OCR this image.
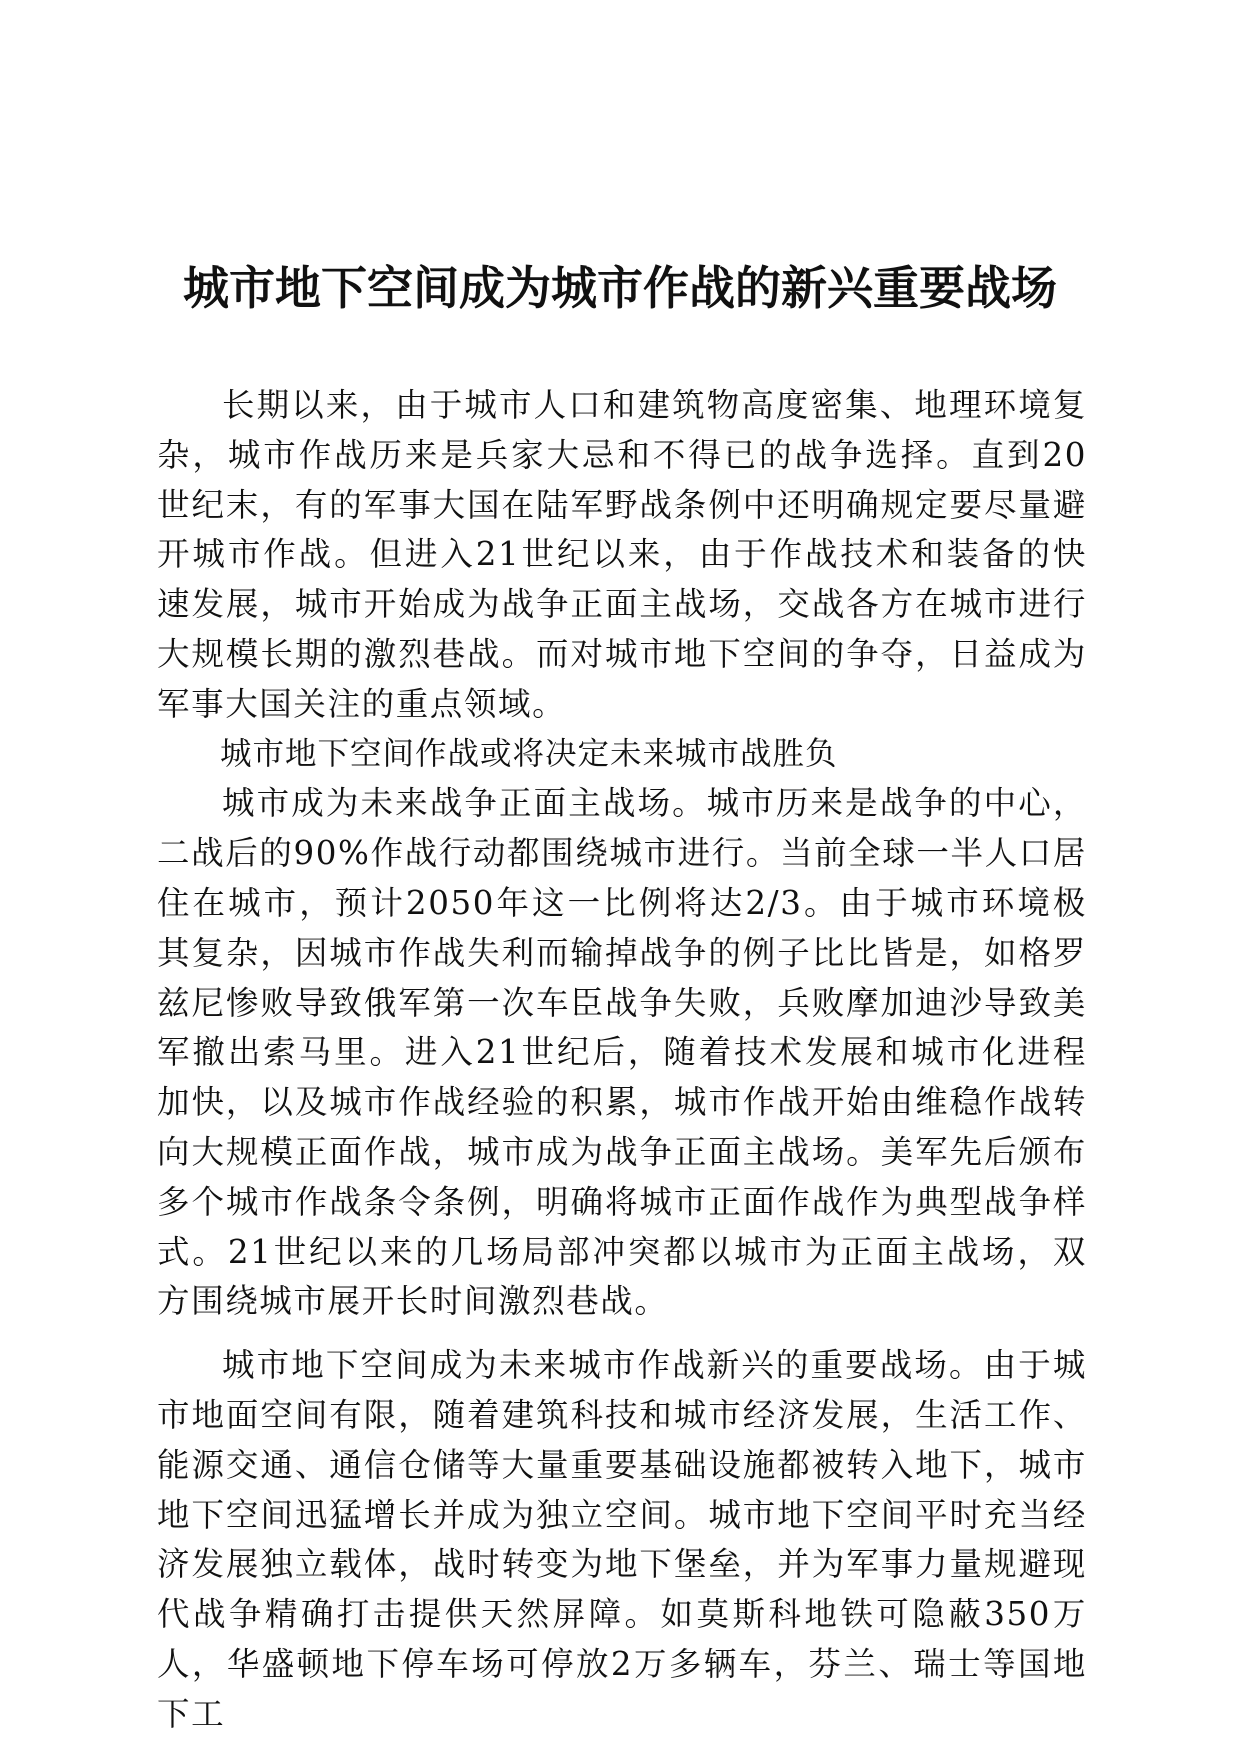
城市地下空间成为城市作战的新兴重要战场

长期以来，由于城市人口和建筑物高度密集、地理环境复杂，城市作战历来是兵家大忌和不得已的战争选择。直到20世纪末，有的军事大国在陆军野战条例中还明确规定要尽量避开城市作战。但进入21世纪以来，由于作战技术和装备的快速发展，城市开始成为战争正面主战场，交战各方在城市进行大规模长期的激烈巷战。而对城市地下空间的争夺，日益成为军事大国关注的重点领域。

城市地下空间作战或将决定未来城市战胜负

城市成为未来战争正面主战场。城市历来是战争的中心，二战后的90%作战行动都围绕城市进行。当前全球一半人口居住在城市，预计2050年这一比例将达2/3。由于城市环境极其复杂，因城市作战失利而输掉战争的例子比比皆是，如格罗兹尼惨败导致俄军第一次车臣战争失败，兵败摩加迪沙导致美军撤出索马里。进入21世纪后，随着技术发展和城市化进程加快，以及城市作战经验的积累，城市作战开始由维稳作战转向大规模正面作战，城市成为战争正面主战场。美军先后颁布多个城市作战条令条例，明确将城市正面作战作为典型战争样式。21世纪以来的几场局部冲突都以城市为正面主战场，双方围绕城市展开长时间激烈巷战。

城市地下空间成为未来城市作战新兴的重要战场。由于城市地面空间有限，随着建筑科技和城市经济发展，生活工作、能源交通、通信仓储等大量重要基础设施都被转入地下，城市地下空间迅猛增长并成为独立空间。城市地下空间平时充当经济发展独立载体，战时转变为地下堡垒，并为军事力量规避现代战争精确打击提供天然屏障。如莫斯科地铁可隐蔽350万人，华盛顿地下停车场可停放2万多辆车，芬兰、瑞士等国地下工
